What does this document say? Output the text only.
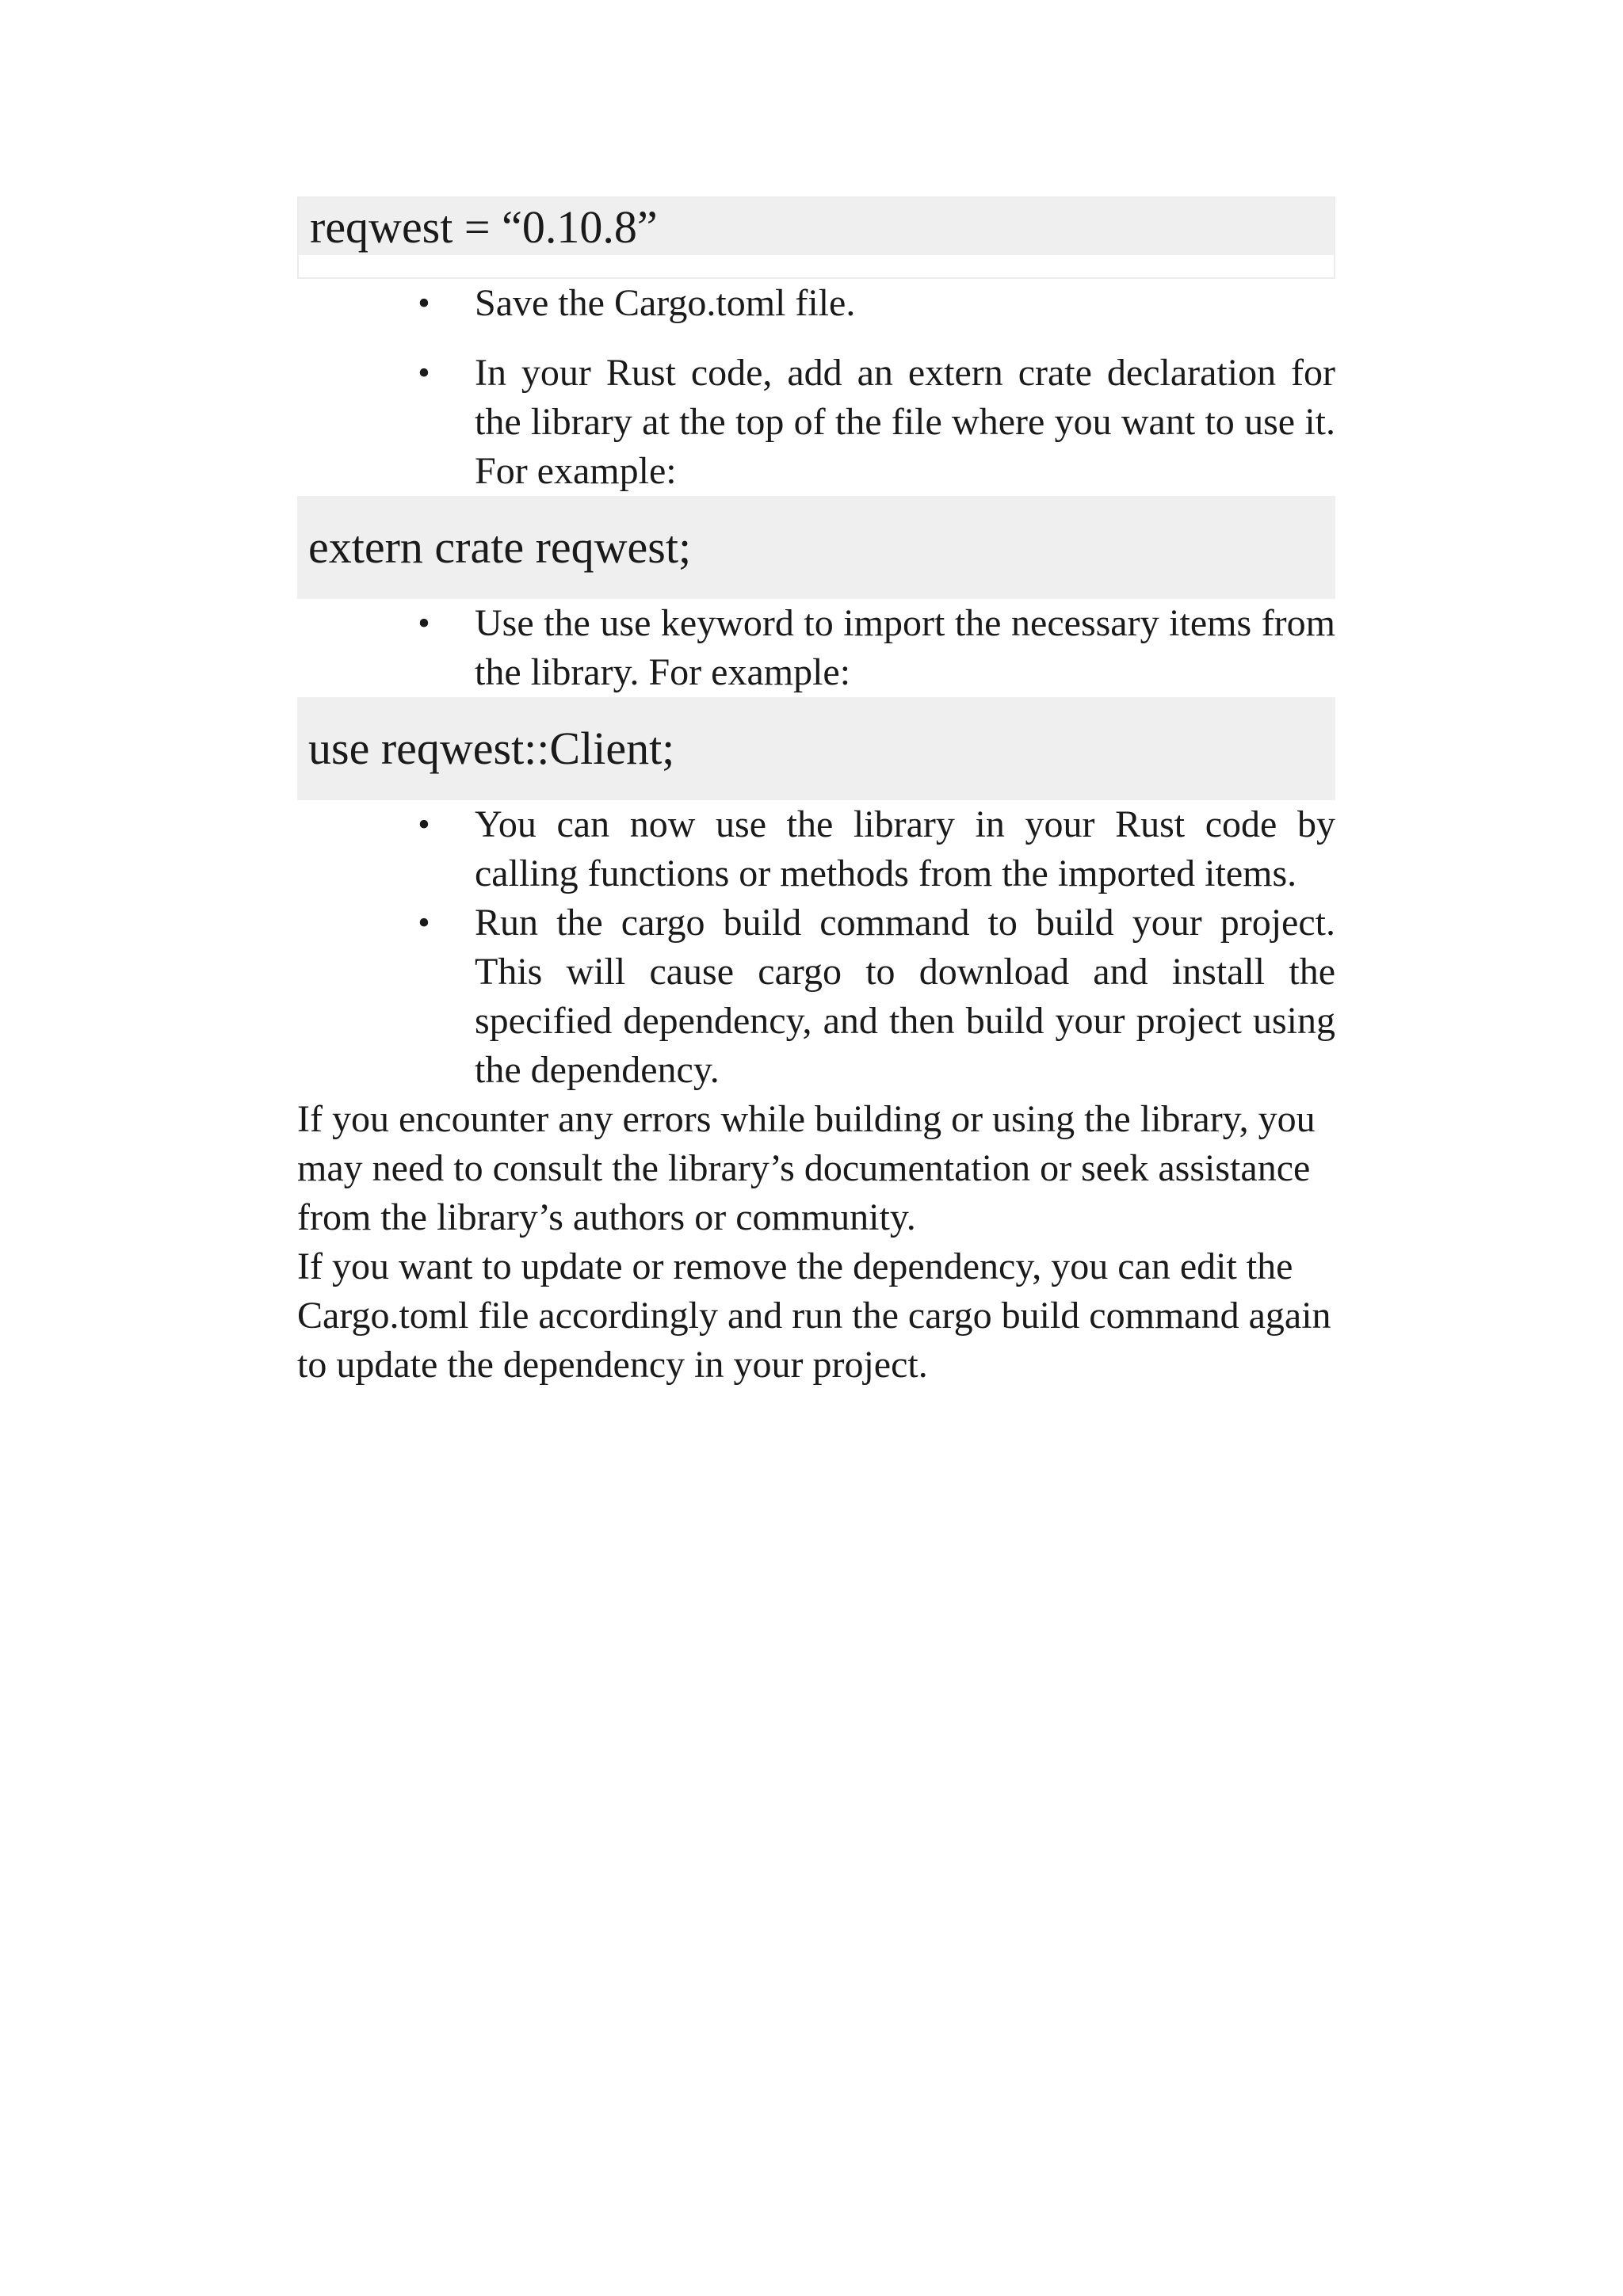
reqwest = “0.10.8”
• Save the Cargo.toml file.
• In your Rust code, add an extern crate declaration for the library at the top of the file where you want to use it. For example:
extern crate reqwest;
• Use the use keyword to import the necessary items from the library. For example:
use reqwest::Client;
• You can now use the library in your Rust code by calling functions or methods from the imported items.
• Run the cargo build command to build your project. This will cause cargo to download and install the specified dependency, and then build your project using the dependency.

If you encounter any errors while building or using the library, you may need to consult the library’s documentation or seek assistance from the library’s authors or community.

If you want to update or remove the dependency, you can edit the Cargo.toml file accordingly and run the cargo build command again to update the dependency in your project.
